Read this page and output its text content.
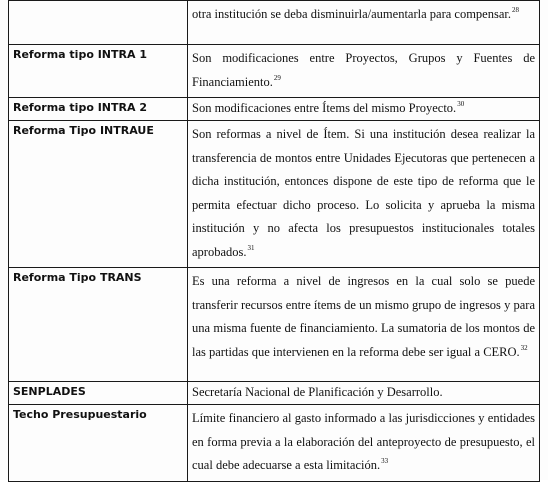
	otra institución se deba disminuirla/aumentarla para compensar.$^{28}$
Reforma tipo INTRA 1	Son modificaciones entre Proyectos, Grupos y Fuentes de Financiamiento.$^{29}$
Reforma tipo INTRA 2	Son modificaciones entre Ítems del mismo Proyecto.$^{30}$
Reforma Tipo INTRAUE	Son reformas a nivel de Ítem. Si una institución desea realizar la transferencia de montos entre Unidades Ejecutoras que pertenecen a dicha institución, entonces dispone de este tipo de reforma que le permita efectuar dicho proceso. Lo solicita y aprueba la misma institución y no afecta los presupuestos institucionales totales aprobados.$^{31}$
Reforma Tipo TRANS	Es una reforma a nivel de ingresos en la cual solo se puede transferir recursos entre ítems de un mismo grupo de ingresos y para una misma fuente de financiamiento. La sumatoria de los montos de las partidas que intervienen en la reforma debe ser igual a CERO.$^{32}$
SENPLADES	Secretaría Nacional de Planificación y Desarrollo.
Techo Presupuestario	Límite financiero al gasto informado a las jurisdicciones y entidades en forma previa a la elaboración del anteproyecto de presupuesto, el cual debe adecuarse a esta limitación.$^{33}$
